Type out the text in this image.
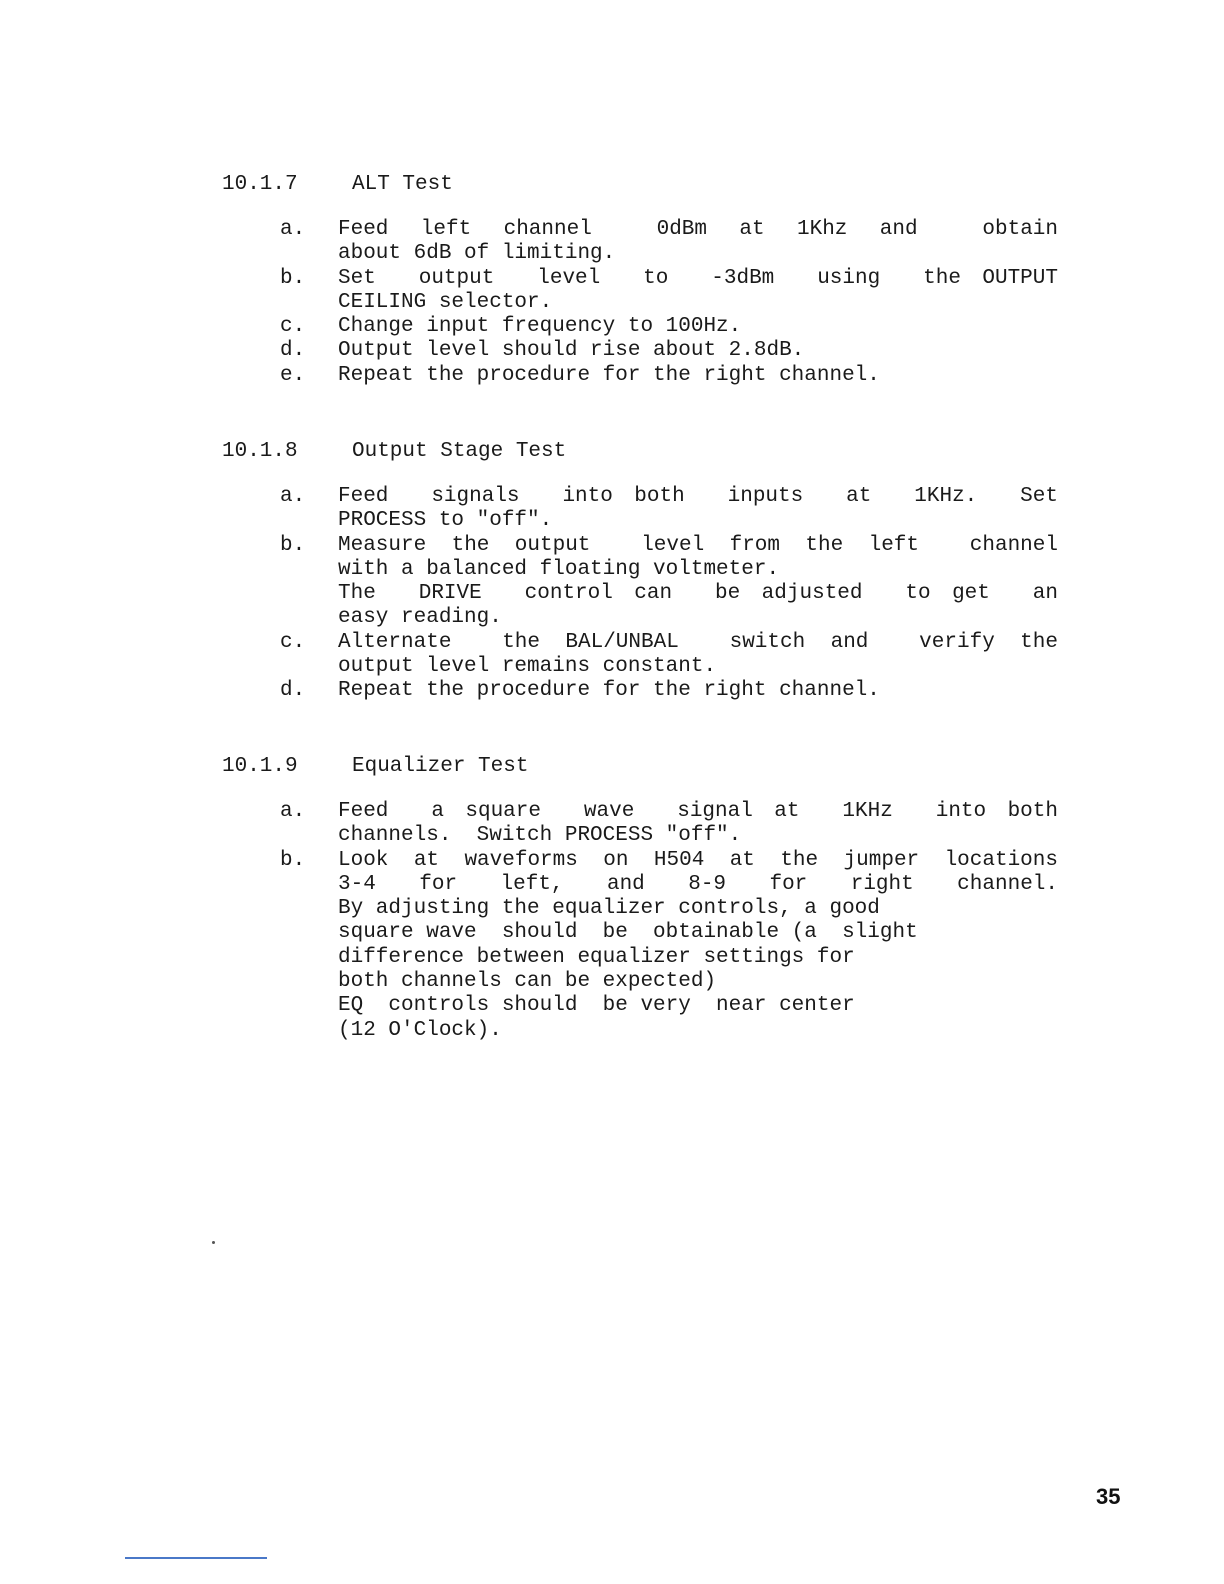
10.1.7	ALT Test
a. Feed left channel  0dBm at 1Khz and  obtain
about 6dB of limiting.
b. Set  output  level  to  -3dBm  using  the OUTPUT
CEILING selector.
c. Change input frequency to 100Hz.
d. Output level should rise about 2.8dB.
e. Repeat the procedure for the right channel.
10.1.8	Output Stage Test
a. Feed  signals  into both  inputs  at  1KHz.  Set
PROCESS to "off".
b. Measure the output  level from the left  channel
with a balanced floating voltmeter.
The  DRIVE  control can  be adjusted  to get  an
easy reading.
c. Alternate  the BAL/UNBAL  switch and  verify the
output level remains constant.
d. Repeat the procedure for the right channel.
10.1.9	Equalizer Test
a. Feed  a square  wave  signal at  1KHz  into both
channels.  Switch PROCESS "off".
b. Look at waveforms on H504 at the jumper locations
3-4  for  left,  and  8-9  for  right  channel.
By adjusting the equalizer controls, a good
square wave  should  be  obtainable (a  slight
difference between equalizer settings for
both channels can be expected)
EQ  controls should  be very  near center
(12 O'Clock).
35
